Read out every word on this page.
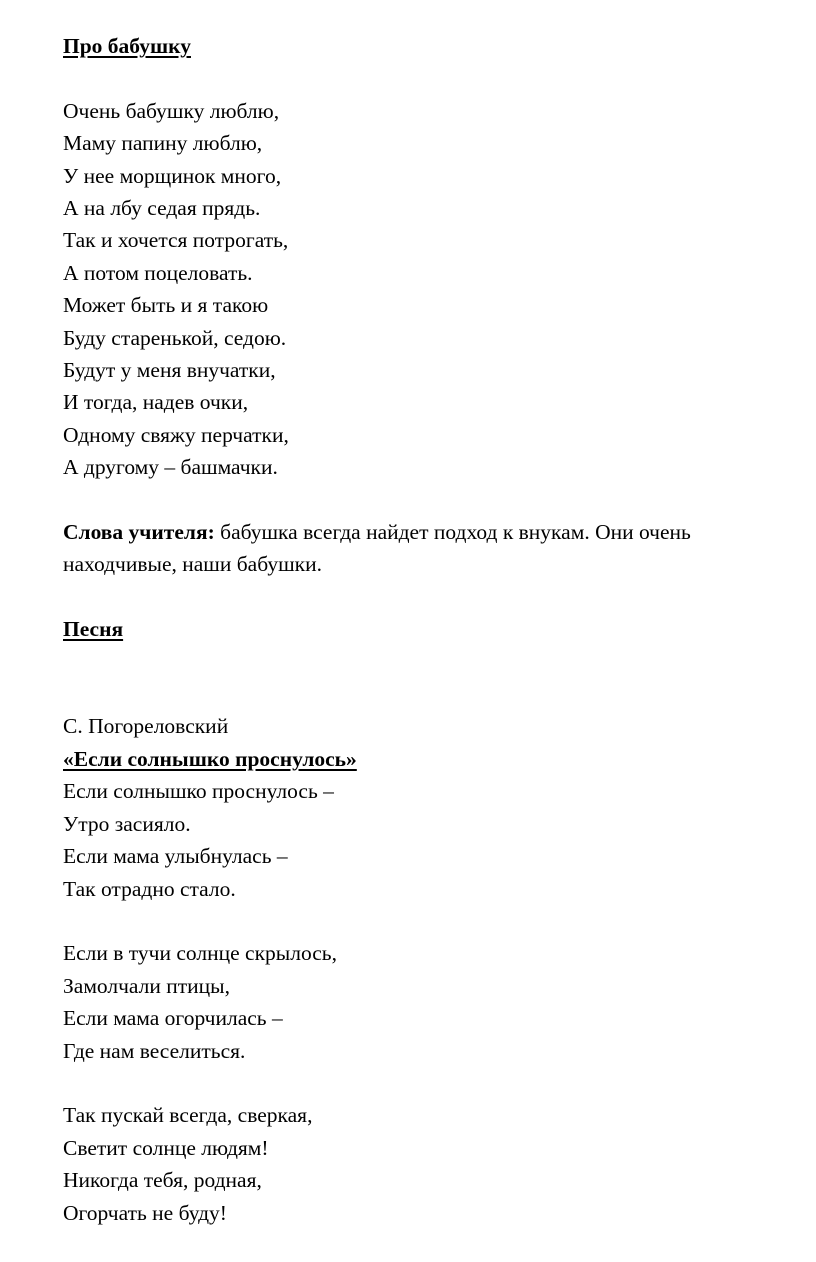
Про бабушку
Очень бабушку люблю,
Маму папину люблю,
У нее морщинок много,
А на лбу седая прядь.
Так и хочется потрогать,
А потом поцеловать.
Может быть и я такою
Буду старенькой, седою.
Будут у меня внучатки,
И тогда, надев очки,
Одному свяжу перчатки,
А другому – башмачки.
Слова учителя: бабушка всегда найдет подход к внукам. Они очень находчивые, наши бабушки.
Песня
С. Погореловский
«Если солнышко проснулось»
Если солнышко проснулось –
Утро засияло.
Если мама улыбнулась –
Так отрадно стало.
Если в тучи солнце скрылось,
Замолчали птицы,
Если мама огорчилась –
Где нам веселиться.
Так пускай всегда, сверкая,
Светит солнце людям!
Никогда тебя, родная,
Огорчать не буду!
